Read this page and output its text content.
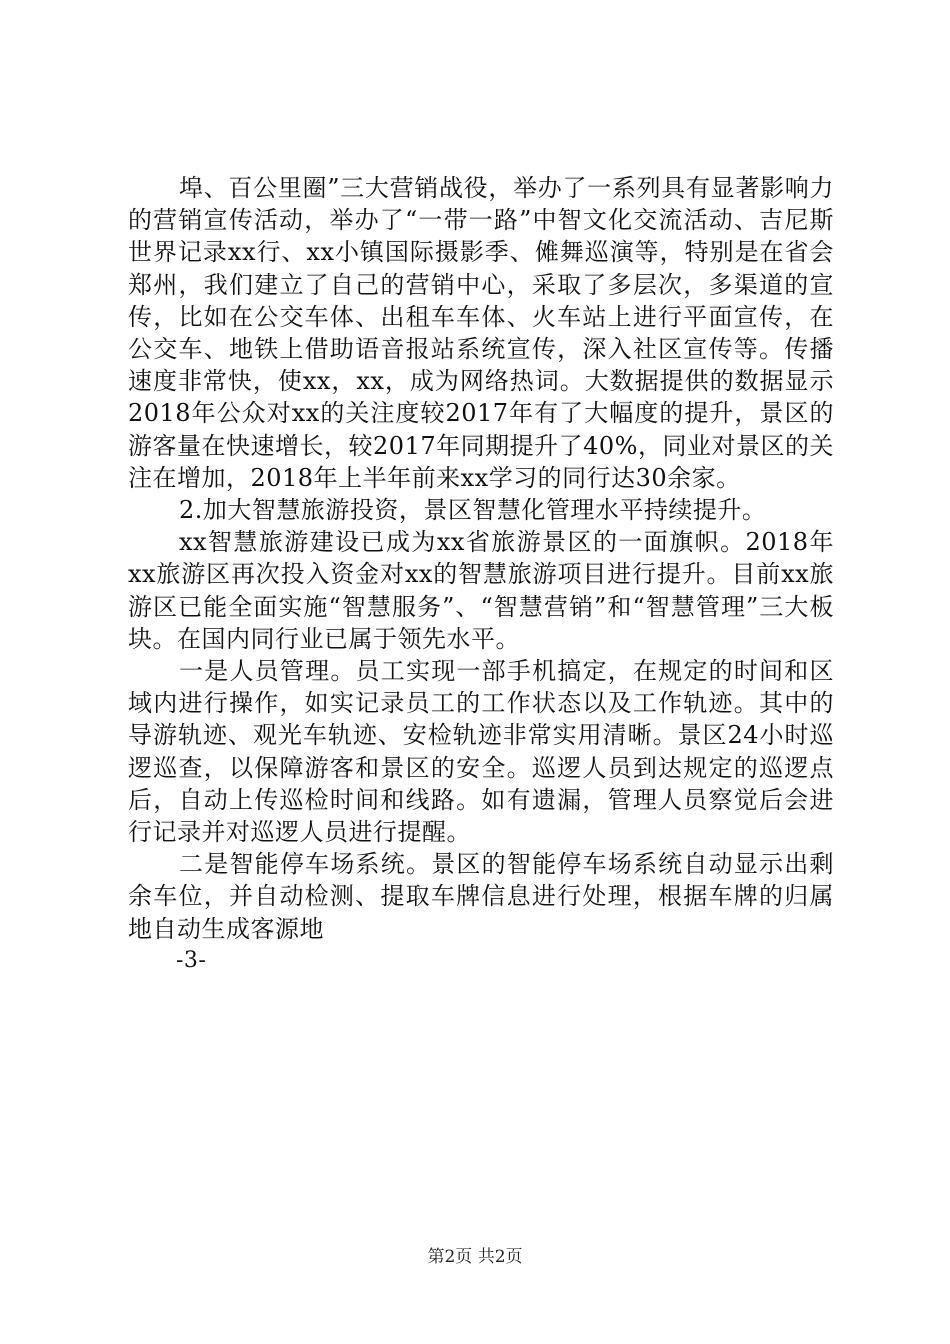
埠、百公里圈”三大营销战役，举办了一系列具有显著影响力的营销宣传活动，举办了“一带一路”中智文化交流活动、吉尼斯世界记录xx行、xx小镇国际摄影季、傩舞巡演等，特别是在省会郑州，我们建立了自己的营销中心，采取了多层次，多渠道的宣传，比如在公交车体、出租车车体、火车站上进行平面宣传，在公交车、地铁上借助语音报站系统宣传，深入社区宣传等。传播速度非常快，使xx，xx，成为网络热词。大数据提供的数据显示2018年公众对xx的关注度较2017年有了大幅度的提升，景区的游客量在快速增长，较2017年同期提升了40%，同业对景区的关注在增加，2018年上半年前来xx学习的同行达30余家。

2.加大智慧旅游投资，景区智慧化管理水平持续提升。

xx智慧旅游建设已成为xx省旅游景区的一面旗帜。2018年xx旅游区再次投入资金对xx的智慧旅游项目进行提升。目前xx旅游区已能全面实施“智慧服务”、“智慧营销”和“智慧管理”三大板块。在国内同行业已属于领先水平。

一是人员管理。员工实现一部手机搞定，在规定的时间和区域内进行操作，如实记录员工的工作状态以及工作轨迹。其中的导游轨迹、观光车轨迹、安检轨迹非常实用清晰。景区24小时巡逻巡查，以保障游客和景区的安全。巡逻人员到达规定的巡逻点后，自动上传巡检时间和线路。如有遗漏，管理人员察觉后会进行记录并对巡逻人员进行提醒。

二是智能停车场系统。景区的智能停车场系统自动显示出剩余车位，并自动检测、提取车牌信息进行处理，根据车牌的归属地自动生成客源地

-3-

第2页 共2页
